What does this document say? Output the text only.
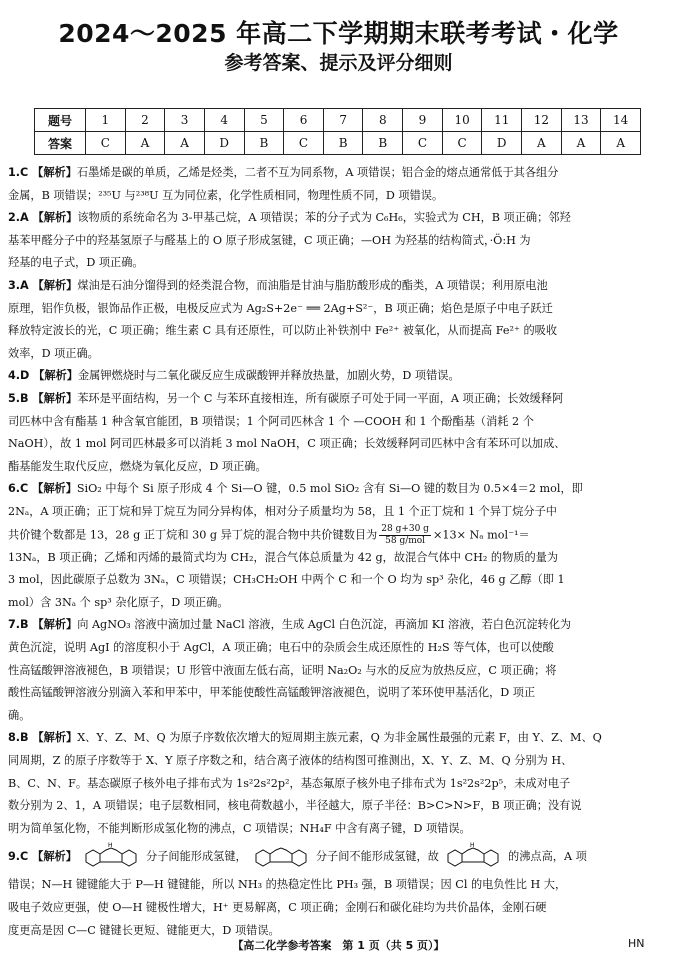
2024～2025 年高二下学期期末联考考试・化学
参考答案、提示及评分细则
题号	1	2	3	4	5	6	7	8	9	10	11	12	13	14
答案	C	A	A	D	B	C	B	B	C	C	D	A	A	A

1.C 【解析】石墨烯是碳的单质，乙烯是烃类，二者不互为同系物，A 项错误；铝合金的熔点通常低于其各组分

金属，B 项错误；²³⁵U 与²³⁸U 互为同位素，化学性质相同，物理性质不同，D 项错误。

2.A 【解析】该物质的系统命名为 3-甲基己烷，A 项错误；苯的分子式为 C₆H₆，实验式为 CH，B 项正确；邻羟

基苯甲醛分子中的羟基氢原子与醛基上的 O 原子形成氢键，C 项正确；—OH 为羟基的结构简式，·Ö:H 为

羟基的电子式，D 项正确。

3.A 【解析】煤油是石油分馏得到的烃类混合物，而油脂是甘油与脂肪酸形成的酯类，A 项错误；利用原电池

原理，铝作负极，银饰品作正极，电极反应式为 Ag₂S+2e⁻ ══ 2Ag+S²⁻，B 项正确；焰色是原子中电子跃迁

释放特定波长的光，C 项正确；维生素 C 具有还原性，可以防止补铁剂中 Fe²⁺ 被氧化，从而提高 Fe²⁺ 的吸收

效率，D 项正确。

4.D 【解析】金属钾燃烧时与二氧化碳反应生成碳酸钾并释放热量，加剧火势，D 项错误。

5.B 【解析】苯环是平面结构，另一个 C 与苯环直接相连，所有碳原子可处于同一平面，A 项正确；长效缓释阿

司匹林中含有酯基 1 种含氧官能团，B 项错误；1 个阿司匹林含 1 个 —COOH 和 1 个酚酯基（消耗 2 个

NaOH），故 1 mol 阿司匹林最多可以消耗 3 mol NaOH，C 项正确；长效缓释阿司匹林中含有苯环可以加成、

酯基能发生取代反应，燃烧为氧化反应，D 项正确。

6.C 【解析】SiO₂ 中每个 Si 原子形成 4 个 Si—O 键，0.5 mol SiO₂ 含有 Si—O 键的数目为 0.5×4＝2 mol，即

2Nₐ，A 项正确；正丁烷和异丁烷互为同分异构体，相对分子质量均为 58，且 1 个正丁烷和 1 个异丁烷分子中

共价键个数都是 13，28 g 正丁烷和 30 g 异丁烷的混合物中共价键数目为 $\frac{28 g+30 g}{\text{58 g/mol}} \times 13\times N_a$ mol⁻¹＝

13Nₐ，B 项正确；乙烯和丙烯的最简式均为 CH₂，混合气体总质量为 42 g，故混合气体中 CH₂ 的物质的量为

3 mol，因此碳原子总数为 3Nₐ，C 项错误；CH₃CH₂OH 中两个 C 和一个 O 均为 sp³ 杂化，46 g 乙醇（即 1

mol）含 3Nₐ 个 sp³ 杂化原子，D 项正确。

7.B 【解析】向 AgNO₃ 溶液中滴加过量 NaCl 溶液，生成 AgCl 白色沉淀，再滴加 KI 溶液，若白色沉淀转化为

黄色沉淀，说明 AgI 的溶度积小于 AgCl，A 项正确；电石中的杂质会生成还原性的 H₂S 等气体，也可以使酸

性高锰酸钾溶液褪色，B 项错误；U 形管中液面左低右高，证明 Na₂O₂ 与水的反应为放热反应，C 项正确；将

酸性高锰酸钾溶液分别滴入苯和甲苯中，甲苯能使酸性高锰酸钾溶液褪色，说明了苯环使甲基活化，D 项正

确。

8.B 【解析】X、Y、Z、M、Q 为原子序数依次增大的短周期主族元素，Q 为非金属性最强的元素 F，由 Y、Z、M、Q

同周期，Z 的原子序数等于 X、Y 原子序数之和，结合离子液体的结构图可推测出，X、Y、Z、M、Q 分别为 H、

B、C、N、F。基态碳原子核外电子排布式为 1s²2s²2p²，基态氟原子核外电子排布式为 1s²2s²2p⁵，未成对电子

数分别为 2、1，A 项错误；电子层数相同，核电荷数越小，半径越大，原子半径：B>C>N>F，B 项正确；没有说

明为简单氢化物，不能判断形成氢化物的沸点，C 项错误；NH₄F 中含有离子键，D 项错误。

9.C 【解析】
H
分子间能形成氢键，	分子间不能形成氢键，故
H
的沸点高，A 项

错误；N—H 键键能大于 P—H 键键能，所以 NH₃ 的热稳定性比 PH₃ 强，B 项错误；因 Cl 的电负性比 H 大，

吸电子效应更强，使 O—H 键极性增大，H⁺ 更易解离，C 项正确；金刚石和碳化硅均为共价晶体，金刚石硬

度更高是因 C—C 键键长更短、键能更大，D 项错误。

【高二化学参考答案　第 1 页（共 5 页）】	HN
